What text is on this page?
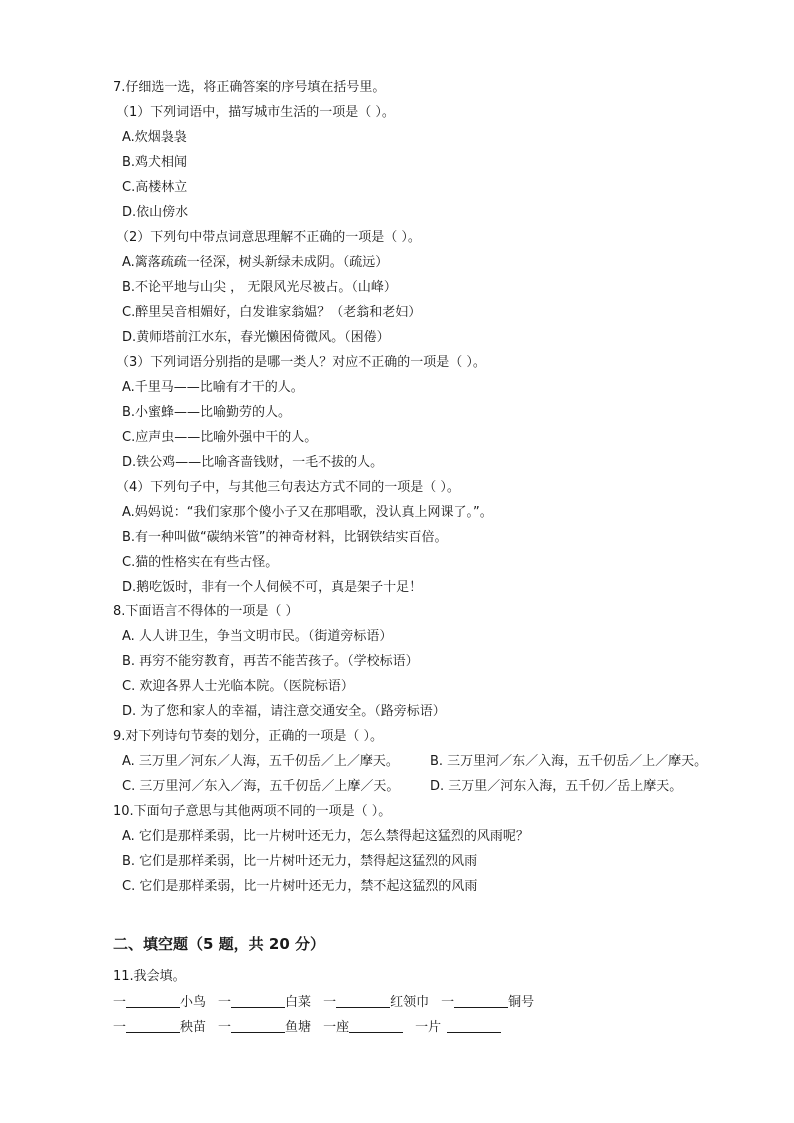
7.仔细选一选，将正确答案的序号填在括号里。
（1）下列词语中，描写城市生活的一项是（ ）。
A.炊烟袅袅
B.鸡犬相闻
C.高楼林立
D.依山傍水
（2）下列句中带点词意思理解不正确的一项是（ ）。
A.篱落疏疏一径深，树头新绿未成阴。（疏远）
B.不论平地与山尖 ， 无限风光尽被占。（山峰）
C.醉里吴音相媚好，白发谁家翁媪？（老翁和老妇）
D.黄师塔前江水东，春光懒困倚微风。（困倦）
（3）下列词语分别指的是哪一类人？对应不正确的一项是（ ）。
A.千里马——比喻有才干的人。
B.小蜜蜂——比喻勤劳的人。
C.应声虫——比喻外强中干的人。
D.铁公鸡——比喻吝啬钱财，一毛不拔的人。
（4）下列句子中，与其他三句表达方式不同的一项是（ ）。
A.妈妈说：“我们家那个傻小子又在那唱歌，没认真上网课了。”。
B.有一种叫做“碳纳米管”的神奇材料，比钢铁结实百倍。
C.猫的性格实在有些古怪。
D.鹅吃饭时，非有一个人伺候不可，真是架子十足！
8.下面语言不得体的一项是（ ）
A. 人人讲卫生，争当文明市民。（街道旁标语）
B. 再穷不能穷教育，再苦不能苦孩子。（学校标语）
C. 欢迎各界人士光临本院。（医院标语）
D. 为了您和家人的幸福，请注意交通安全。（路旁标语）
9.对下列诗句节奏的划分，正确的一项是（ ）。
A. 三万里／河东／人海，五千仞岳／上／摩天。 B. 三万里河／东／入海，五千仞岳／上／摩天。
C. 三万里河／东入／海，五千仞岳／上摩／天。 D. 三万里／河东入海，五千仞／岳上摩天。
10.下面句子意思与其他两项不同的一项是（ ）。
A. 它们是那样柔弱，比一片树叶还无力，怎么禁得起这猛烈的风雨呢？
B. 它们是那样柔弱，比一片树叶还无力，禁得起这猛烈的风雨
C. 它们是那样柔弱，比一片树叶还无力，禁不起这猛烈的风雨
二、填空题（5 题，共 20 分）
11.我会填。
一	小鸟 一	白菜 一	红领巾 一	铜号
一	秧苗 一	鱼塘 一座	一片
